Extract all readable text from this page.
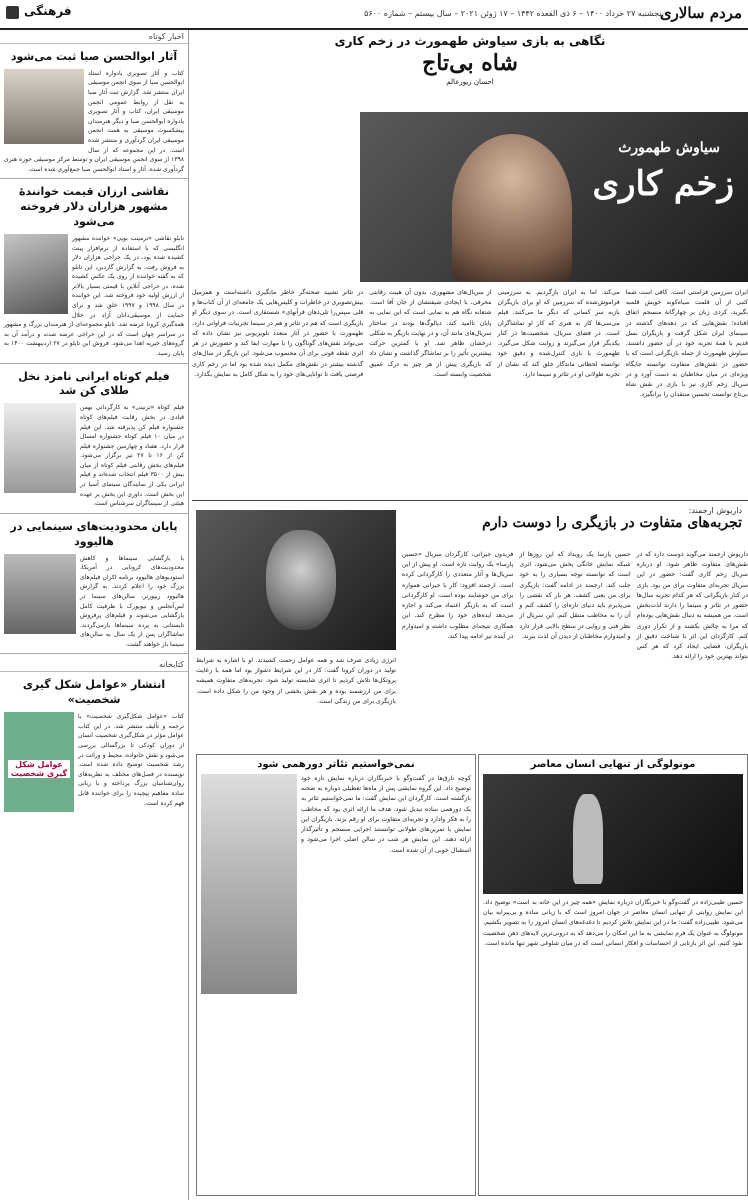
مردم سالاری
پنجشنبه ۲۷ خرداد ۱۴۰۰ – ۶ ذی القعده ۱۴۴۲ – ۱۷ ژوئن ۲۰۲۱ – سال بیستم – شماره ۵۶۰۰
فرهنگی
اخبار کوتاه
آثار ابوالحسن صبا ثبت می‌شود
کتاب و آثار تصویری یادواره استاد ابوالحسن صبا از سوی انجمن موسیقی ایران منتشر شد. گزارش ثبت آثار صبا به نقل از روابط عمومی انجمن موسیقی ایران، کتاب و آثار تصویری یادواره ابوالحسن صبا و دیگر هنرمندان پیشکسوت موسیقی به همت انجمن موسیقی ایران گردآوری و منتشر شده است. در این مجموعه که از سال ۱۳۹۸ از سوی انجمن موسیقی ایران و توسط مرکز موسیقی حوزه هنری گردآوری شده، آثار و اسناد ابوالحسن صبا جمع‌آوری شده است.
نقاشی ارزان قیمت خوانندۀ مشهور هزاران دلار فروخته می‌شود
تابلو نقاشی «ترمینت بویی» خواننده مشهور انگلیسی که با استفاده از نرم‌افزار پینت کشیده شده بود، در یک حراجی هزاران دلار به فروش رفت. به گزارش گاردین، این تابلو که به گفته خواننده از روی یک عکس کشیده شده، در حراجی آنلاین با قیمتی بسیار بالاتر از ارزش اولیه خود فروخته شد. این خواننده در سال ۱۹۹۸ و ۱۹۹۷ خلق شد و برای حمایت از موسیقی‌دانان آزاد در خلال همه‌گیری کرونا عرضه شد. تابلو مجموعه‌ای از هنرمندان بزرگ و مشهور در سراسر جهان است که در این حراجی عرضه شدند و درآمد آن به گروه‌های خیریه اهدا می‌شود. فروش این تابلو در ۲۷ اردیبهشت ۱۴۰۰ به پایان رسید.
فیلم کوتاه ایرانی نامزد نخل طلای کن شد
فیلم کوتاه «ترنیتی» به کارگردانی بهمن قبادی در بخش رقابت فیلم‌های کوتاه جشنواره فیلم کن پذیرفته شد. این فیلم در میان ۱۰ فیلم کوتاه جشنواره امسال قرار دارد. هفتاد و چهارمین جشنواره فیلم کن از ۱۶ تا ۲۷ تیر برگزار می‌شود. فیلم‌های بخش رقابتی فیلم کوتاه از میان بیش از ۳۵۰۰ فیلم انتخاب شده‌اند و فیلم ایرانی یکی از نمایندگان سینمای آسیا در این بخش است. داوری این بخش بر عهده هیئتی از سینماگران سرشناس است.
پایان محدودیت‌های سینمایی در هالیوود
با بازگشایی سینماها و کاهش محدودیت‌های کرونایی در آمریکا، استودیوهای هالیوود برنامه اکران فیلم‌های بزرگ خود را اعلام کردند. به گزارش هالیوود ریپورتر، سالن‌های سینما در لس‌آنجلس و نیویورک با ظرفیت کامل بازگشایی می‌شوند و فیلم‌های پرفروش تابستانی به پرده سینماها بازمی‌گردند. تماشاگران پس از یک سال به سالن‌های سینما باز خواهند گشت.
کتابخانه
انتشار «عوامل شکل گیری شخصیت»
عوامل شکل گیری شخصیت
کتاب «عوامل شکل‌گیری شخصیت» با ترجمه و تألیف منتشر شد. در این کتاب عوامل مؤثر در شکل‌گیری شخصیت انسان از دوران کودکی تا بزرگسالی بررسی می‌شود و نقش خانواده، محیط و وراثت در رشد شخصیت توضیح داده شده است. نویسنده در فصل‌های مختلف به نظریه‌های روان‌شناسان بزرگ پرداخته و با زبانی ساده مفاهیم پیچیده را برای خواننده قابل فهم کرده است.
نگاهی به بازی سیاوش طهمورث در زخم کاری
شاه بی‌تاج
احسان زیورعالم
سیاوش طهمورث
زخم کاری
ایران سرزمین فرامتنی است. کافی است شما کتبی از آن قلمت سیاه‌کونه خویش قلمبه بگیرید، کردی زبان بر چهارگانۀ منسجم اتفاق افتاده؛ نقش‌هایی که در دهه‌های گذشته در سینمای ایران شکل گرفت و بازیگران نسل قدیم با همۀ تجربه خود در آن حضور داشتند. سیاوش طهمورث از جمله بازیگرانی است که با حضور در نقش‌های متفاوت توانسته جایگاه ویژه‌ای در میان مخاطبان به دست آورد و در سریال زخم کاری نیز با بازی در نقش شاه بی‌تاج توانست تحسین منتقدان را برانگیزد.
می‌کند. اما به ایران بازگردیم. به سرزمینی فراموش‌شده که سرزمین که او برای بازیگران بازبه سر کسانی که دیگر ما می‌کنند. فیلم می‌سی‌ها کار به هنری که کار او تماشاگران است. در فضای سریال، شخصیت‌ها در کنار یکدیگر قرار می‌گیرند و روایت شکل می‌گیرد. طهمورث با بازی کنترل‌شده و دقیق خود توانسته لحظاتی ماندگار خلق کند که نشان از تجربه طولانی او در تئاتر و سینما دارد.
از سریال‌های مشهوری، بدون آن هیبت رقابتی مخرفی، با ایجادی شیفتشان از جان آقا است. شتعانه نگاه هم به نمایی است که این نمایی به پایان ناامید کند. دیالوگ‌ها بودند در ساختار سریال‌های مانند آن، و در نهایت بازیگر به شکلی درخشان ظاهر شد. او با کمترین حرکت بیشترین تأثیر را بر تماشاگر گذاشت و نشان داد که بازیگری پیش از هر چیز به درک عمیق شخصیت وابسته است.
در تئاتر تشیید صحنه‌گر خاطر مانگیزی داشته‌است و همزمیل بیش‌تصویری در خاطرات و کلیس‌هایی یک جامعه‌ای از آن کتاب‌ها و قلی سپس‌را تلی‌دهان قرآنهای» شستقاری است. در سوی دیگر او بازیگری است که هم در تئاتر و هم در سینما تجربیات فراوانی دارد. طهمورث با حضور در آثار متعدد تلویزیونی نیز نشان داده که می‌تواند نقش‌های گوناگون را با مهارت ایفا کند و حضورش در هر اثری نقطه قوتی برای آن محسوب می‌شود. این بازیگر در سال‌های گذشته بیشتر در نقش‌های مکمل دیده شده بود اما در زخم کاری فرصتی یافت تا توانایی‌های خود را به شکل کامل به نمایش بگذارد.
داریوش ارجمند:
تجربه‌های متفاوت در بازیگری را دوست دارم
داریوش ارجمند می‌گوید دوست دارد که در نقش‌های متفاوت ظاهر شود. او درباره سریال زخم کاری گفت: حضور در این سریال تجربه‌ای متفاوت برای من بود. بازی در کنار بازیگرانی که هر کدام تجربه سال‌ها حضور در تئاتر و سینما را دارند لذت‌بخش است. من همیشه به دنبال نقش‌هایی بوده‌ام که مرا به چالش بکشند و از تکرار دوری کنم. کارگردان این اثر با شناخت دقیق از بازیگران، فضایی ایجاد کرد که هر کس بتواند بهترین خود را ارائه دهد.
حسین پارسا یک رویداد که این روزها از شبکه نمایش خانگی پخش می‌شود، اثری است که توانسته توجه بسیاری را به خود جلب کند. ارجمند در ادامه گفت: بازیگری برای من یعنی کشف. هر بار که نقشی را می‌پذیرم باید دنیای تازه‌ای را کشف کنم و آن را به مخاطب منتقل کنم. این سریال از نظر فنی و روایی در سطح بالایی قرار دارد و امیدوارم مخاطبان از دیدن آن لذت ببرند.
فریدون جیرانی، کارگردان سریال «حسین پارسا» یک روایت تازه است. او پیش از این سریال‌ها و آثار متعددی را کارگردانی کرده است. ارجمند افزود: کار با جیرانی همواره برای من خوشایند بوده است. او کارگردانی است که به بازیگر اعتماد می‌کند و اجازه می‌دهد ایده‌های خود را مطرح کند. این همکاری نتیجه‌ای مطلوب داشته و امیدوارم در آینده نیز ادامه پیدا کند.
انرژی زیادی صرف شد و همه عوامل زحمت کشیدند. او با اشاره به شرایط تولید در دوران کرونا گفت: کار در این شرایط دشوار بود اما همه با رعایت پروتکل‌ها تلاش کردیم تا اثری شایسته تولید شود. تجربه‌های متفاوت همیشه برای من ارزشمند بوده و هر نقش بخشی از وجود من را شکل داده است. بازیگری برای من زندگی است.
مونولوگی از تنهایی انسان معاصر
حسین طیبی‌زاده در گفت‌وگو با خبرنگاران درباره نمایش «همه چیز در این خانه بد است» توضیح داد. این نمایش روایتی از تنهایی انسان معاصر در جهان امروز است که با زبانی ساده و بی‌پیرایه بیان می‌شود. طیبی‌زاده گفت: ما در این نمایش تلاش کردیم تا دغدغه‌های انسان امروز را به تصویر بکشیم. مونولوگ به عنوان یک فرم نمایشی به ما این امکان را می‌دهد که به درونی‌ترین لایه‌های ذهن شخصیت نفوذ کنیم. این اثر بازتابی از احساسات و افکار انسانی است که در میان شلوغی شهر تنها مانده است.
نمی‌خواستیم تئاتر دورهمی شود
کوچه تارق‌ها در گفت‌وگو با خبرنگاران درباره نمایش تازه خود توضیح داد. این گروه نمایشی پس از ماه‌ها تعطیلی دوباره به صحنه بازگشته است. کارگردان این نمایش گفت: ما نمی‌خواستیم تئاتر به یک دورهمی ساده تبدیل شود. هدف ما ارائه اثری بود که مخاطب را به فکر وادارد و تجربه‌ای متفاوت برای او رقم بزند. بازیگران این نمایش با تمرین‌های طولانی توانستند اجرایی منسجم و تأثیرگذار ارائه دهند. این نمایش هر شب در سالن اصلی اجرا می‌شود و استقبال خوبی از آن شده است.
